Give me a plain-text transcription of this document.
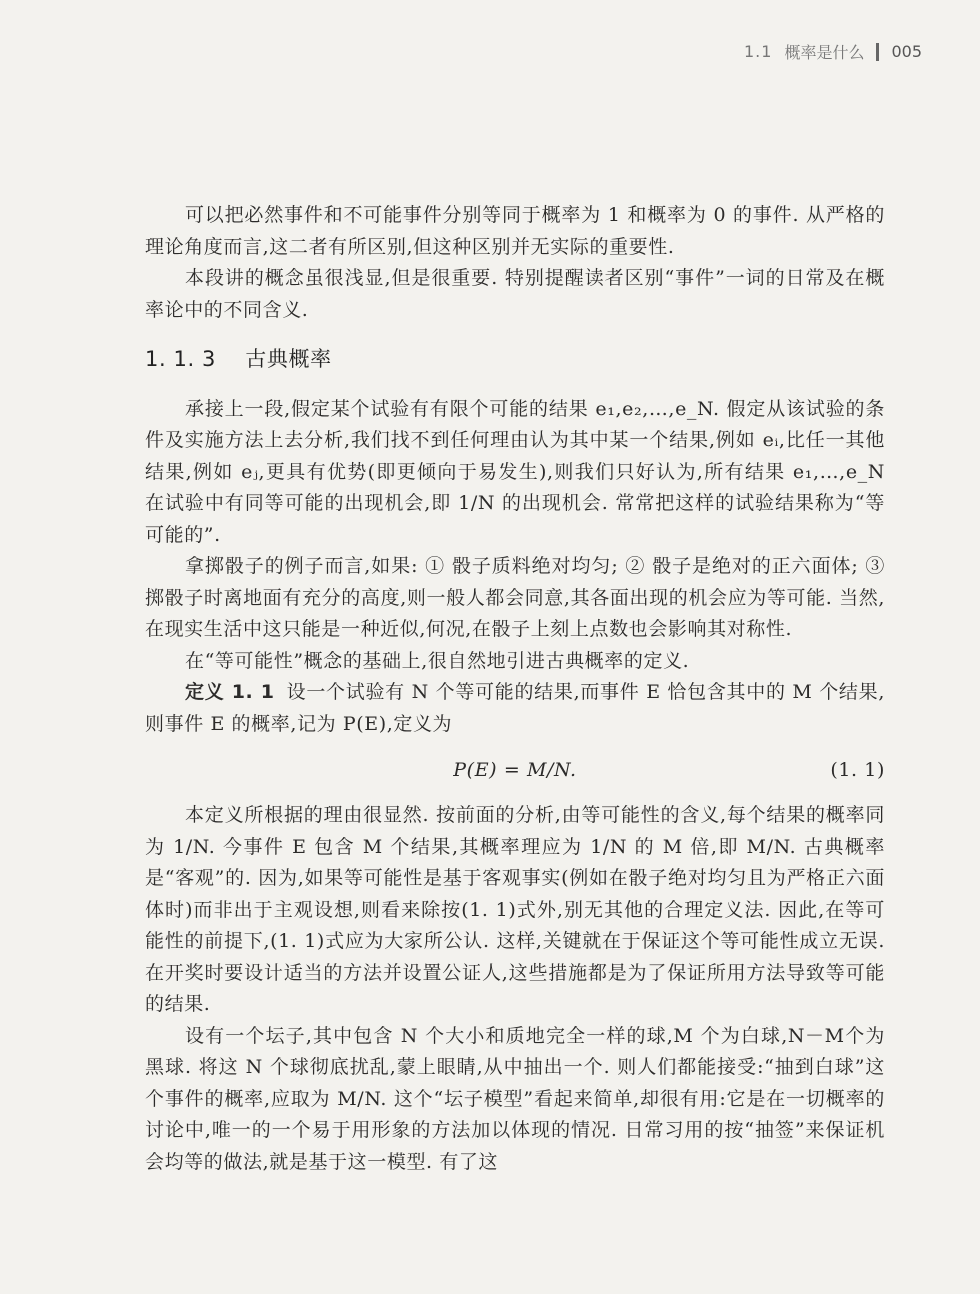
1.1 概率是什么 005

可以把必然事件和不可能事件分别等同于概率为 1 和概率为 0 的事件. 从严格的理论角度而言,这二者有所区别,但这种区别并无实际的重要性.

本段讲的概念虽很浅显,但是很重要. 特别提醒读者区别“事件”一词的日常及在概率论中的不同含义.

1. 1. 3 古典概率

承接上一段,假定某个试验有有限个可能的结果 e₁,e₂,…,e_N. 假定从该试验的条件及实施方法上去分析,我们找不到任何理由认为其中某一个结果,例如 eᵢ,比任一其他结果,例如 eⱼ,更具有优势(即更倾向于易发生),则我们只好认为,所有结果 e₁,…,e_N 在试验中有同等可能的出现机会,即 1/N 的出现机会. 常常把这样的试验结果称为“等可能的”.

拿掷骰子的例子而言,如果: ① 骰子质料绝对均匀; ② 骰子是绝对的正六面体; ③ 掷骰子时离地面有充分的高度,则一般人都会同意,其各面出现的机会应为等可能. 当然,在现实生活中这只能是一种近似,何况,在骰子上刻上点数也会影响其对称性.

在“等可能性”概念的基础上,很自然地引进古典概率的定义.

定义 1. 1 设一个试验有 N 个等可能的结果,而事件 E 恰包含其中的 M 个结果,则事件 E 的概率,记为 P(E),定义为

P(E) = M/N.	(1. 1)

本定义所根据的理由很显然. 按前面的分析,由等可能性的含义,每个结果的概率同为 1/N. 今事件 E 包含 M 个结果,其概率理应为 1/N 的 M 倍,即 M/N. 古典概率是“客观”的. 因为,如果等可能性是基于客观事实(例如在骰子绝对均匀且为严格正六面体时)而非出于主观设想,则看来除按(1. 1)式外,别无其他的合理定义法. 因此,在等可能性的前提下,(1. 1)式应为大家所公认. 这样,关键就在于保证这个等可能性成立无误. 在开奖时要设计适当的方法并设置公证人,这些措施都是为了保证所用方法导致等可能的结果.

设有一个坛子,其中包含 N 个大小和质地完全一样的球,M 个为白球,N－M个为黑球. 将这 N 个球彻底扰乱,蒙上眼睛,从中抽出一个. 则人们都能接受:“抽到白球”这个事件的概率,应取为 M/N. 这个“坛子模型”看起来简单,却很有用:它是在一切概率的讨论中,唯一的一个易于用形象的方法加以体现的情况. 日常习用的按“抽签”来保证机会均等的做法,就是基于这一模型. 有了这
